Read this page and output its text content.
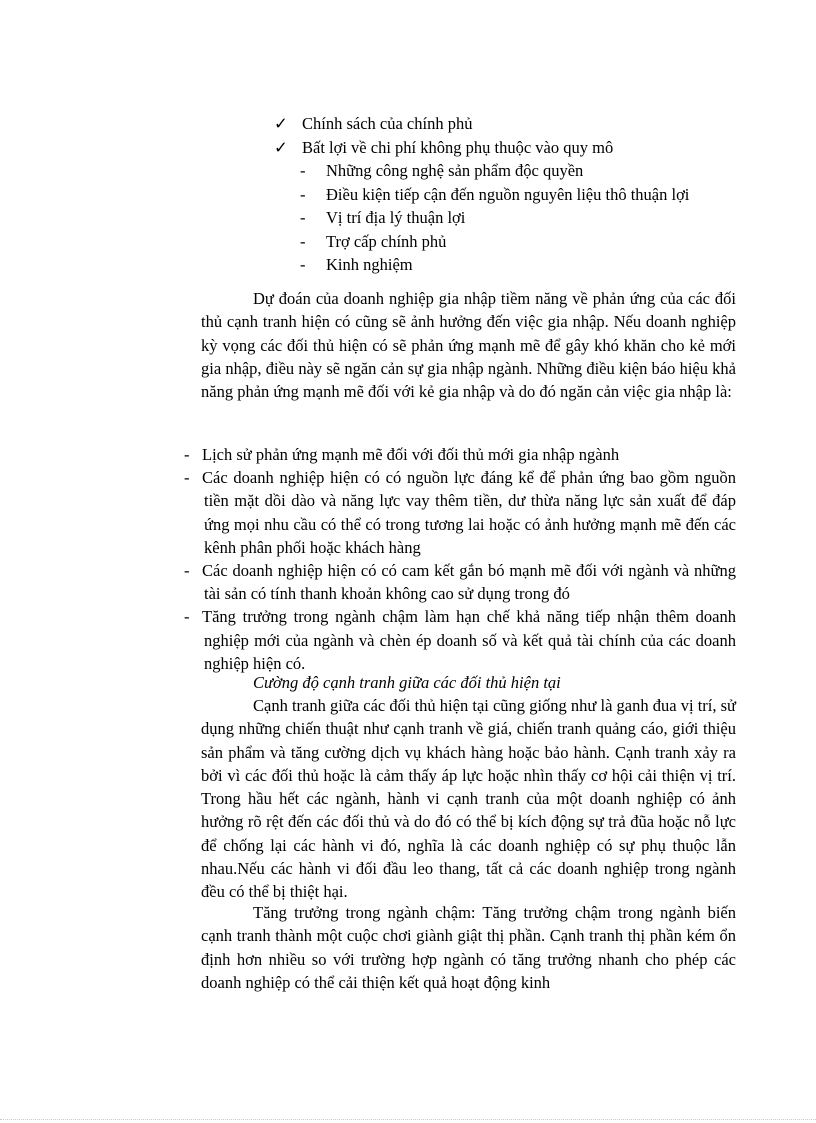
✓ Chính sách của chính phủ
✓ Bất lợi về chi phí không phụ thuộc vào quy mô
- Những công nghệ sản phẩm độc quyền
- Điều kiện tiếp cận đến nguồn nguyên liệu thô thuận lợi
- Vị trí địa lý thuận lợi
- Trợ cấp chính phủ
- Kinh nghiệm

Dự đoán của doanh nghiệp gia nhập tiềm năng về phản ứng của các đối thủ cạnh tranh hiện có cũng sẽ ảnh hưởng đến việc gia nhập. Nếu doanh nghiệp kỳ vọng các đối thủ hiện có sẽ phản ứng mạnh mẽ để gây khó khăn cho kẻ mới gia nhập, điều này sẽ ngăn cản sự gia nhập ngành. Những điều kiện báo hiệu khả năng phản ứng mạnh mẽ đối với kẻ gia nhập và do đó ngăn cản việc gia nhập là:

- Lịch sử phản ứng mạnh mẽ đối với đối thủ mới gia nhập ngành
- Các doanh nghiệp hiện có có nguồn lực đáng kể để phản ứng bao gồm nguồn tiền mặt dồi dào và năng lực vay thêm tiền, dư thừa năng lực sản xuất để đáp ứng mọi nhu cầu có thể có trong tương lai hoặc có ảnh hưởng mạnh mẽ đến các kênh phân phối hoặc khách hàng
- Các doanh nghiệp hiện có có cam kết gắn bó mạnh mẽ đối với ngành và những tài sản có tính thanh khoản không cao sử dụng trong đó
- Tăng trưởng trong ngành chậm làm hạn chế khả năng tiếp nhận thêm doanh nghiệp mới của ngành và chèn ép doanh số và kết quả tài chính của các doanh nghiệp hiện có.
Cường độ cạnh tranh giữa các đối thủ hiện tại

Cạnh tranh giữa các đối thủ hiện tại cũng giống như là ganh đua vị trí, sử dụng những chiến thuật như cạnh tranh về giá, chiến tranh quảng cáo, giới thiệu sản phẩm và tăng cường dịch vụ khách hàng hoặc bảo hành. Cạnh tranh xảy ra bởi vì các đối thủ hoặc là cảm thấy áp lực hoặc nhìn thấy cơ hội cải thiện vị trí. Trong hầu hết các ngành, hành vi cạnh tranh của một doanh nghiệp có ảnh hưởng rõ rệt đến các đối thủ và do đó có thể bị kích động sự trả đũa hoặc nỗ lực để chống lại các hành vi đó, nghĩa là các doanh nghiệp có sự phụ thuộc lẫn nhau.Nếu các hành vi đối đầu leo thang, tất cả các doanh nghiệp trong ngành đều có thể bị thiệt hại.

Tăng trưởng trong ngành chậm: Tăng trưởng chậm trong ngành biến cạnh tranh thành một cuộc chơi giành giật thị phần. Cạnh tranh thị phần kém ổn định hơn nhiều so với trường hợp ngành có tăng trưởng nhanh cho phép các doanh nghiệp có thể cải thiện kết quả hoạt động kinh
